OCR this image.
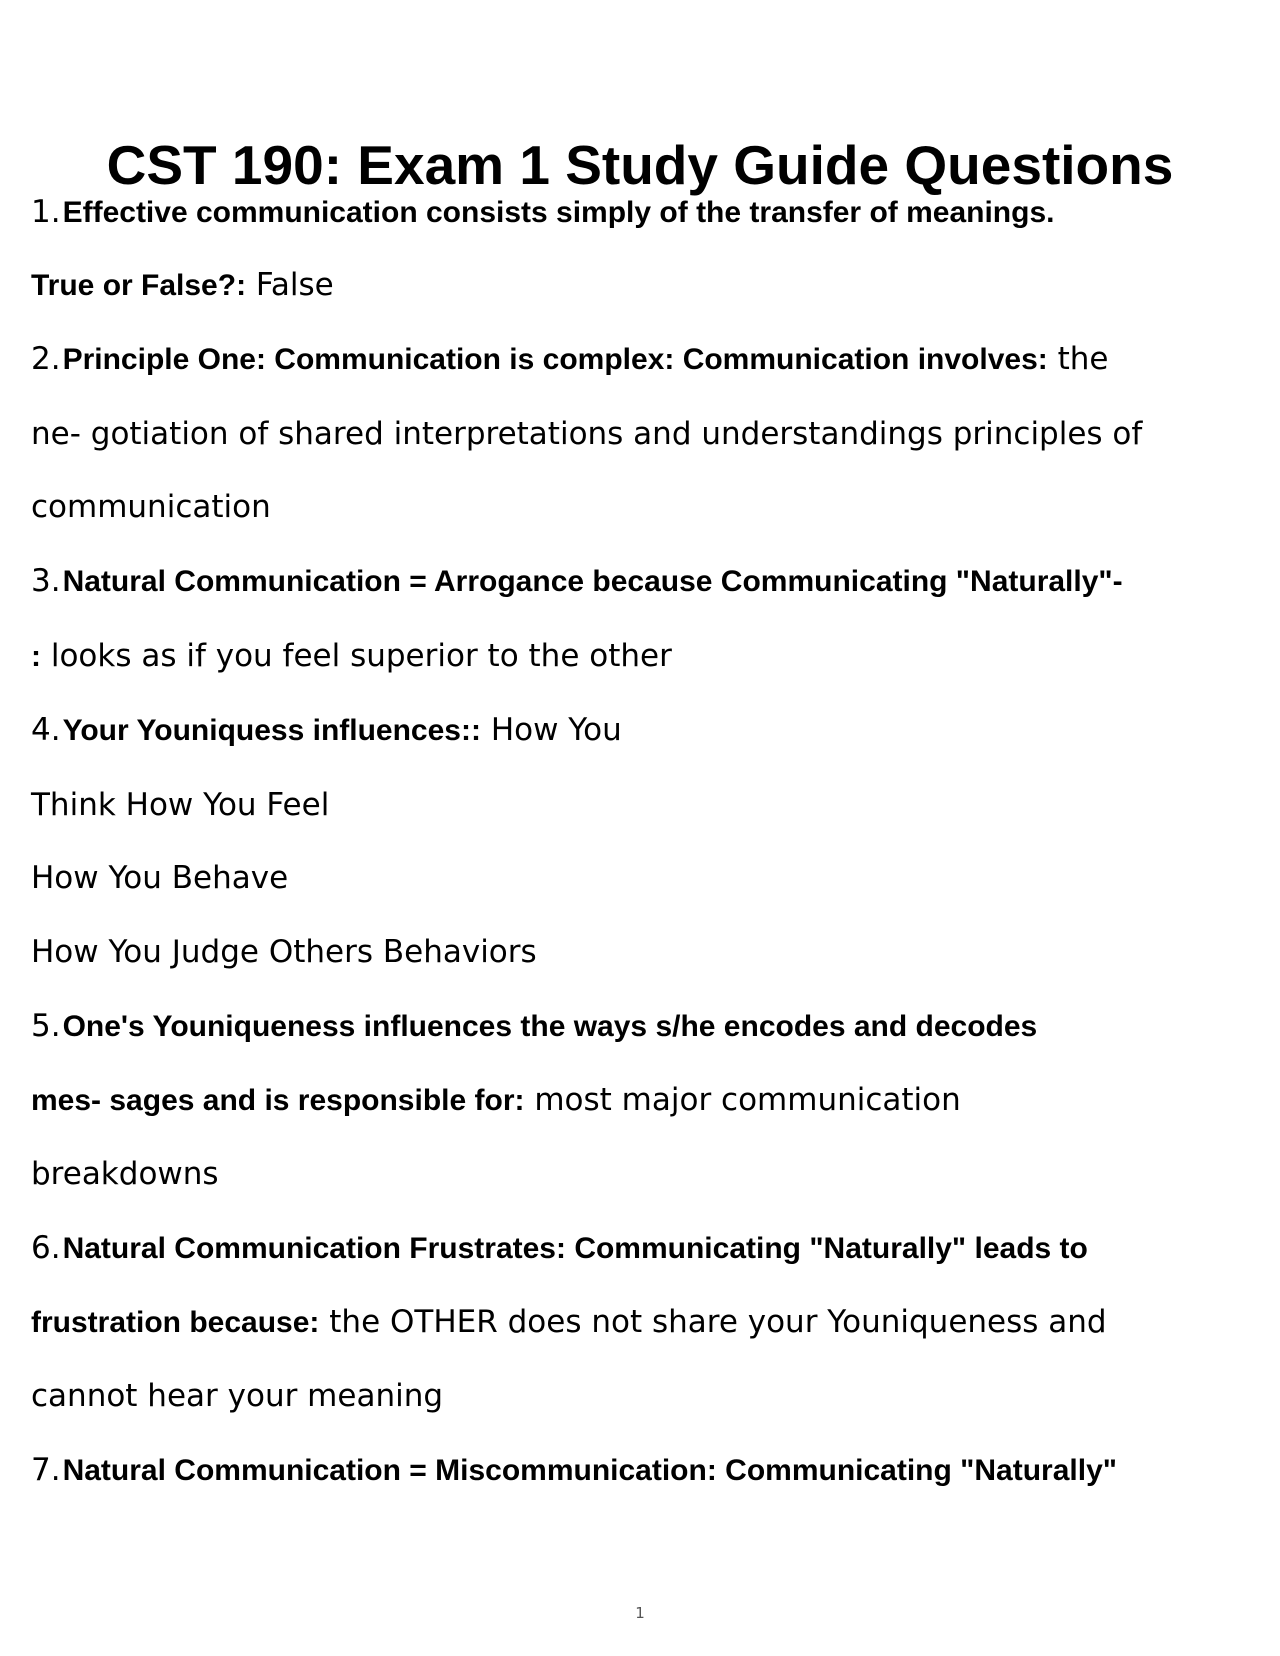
CST 190: Exam 1 Study Guide Questions
1.Effective communication consists simply of the transfer of meanings.
True or False?: False
2.Principle One: Communication is complex: Communication involves: the
ne- gotiation of shared interpretations and understandings principles of
communication
3.Natural Communication = Arrogance because Communicating "Naturally"-
: looks as if you feel superior to the other
4.Your Youniquess influences:: How You
Think How You Feel
How You Behave
How You Judge Others Behaviors
5.One's Youniqueness influences the ways s/he encodes and decodes
mes- sages and is responsible for: most major communication
breakdowns
6.Natural Communication Frustrates: Communicating "Naturally" leads to
frustration because: the OTHER does not share your Youniqueness and
cannot hear your meaning
7.Natural Communication = Miscommunication: Communicating "Naturally"
1
